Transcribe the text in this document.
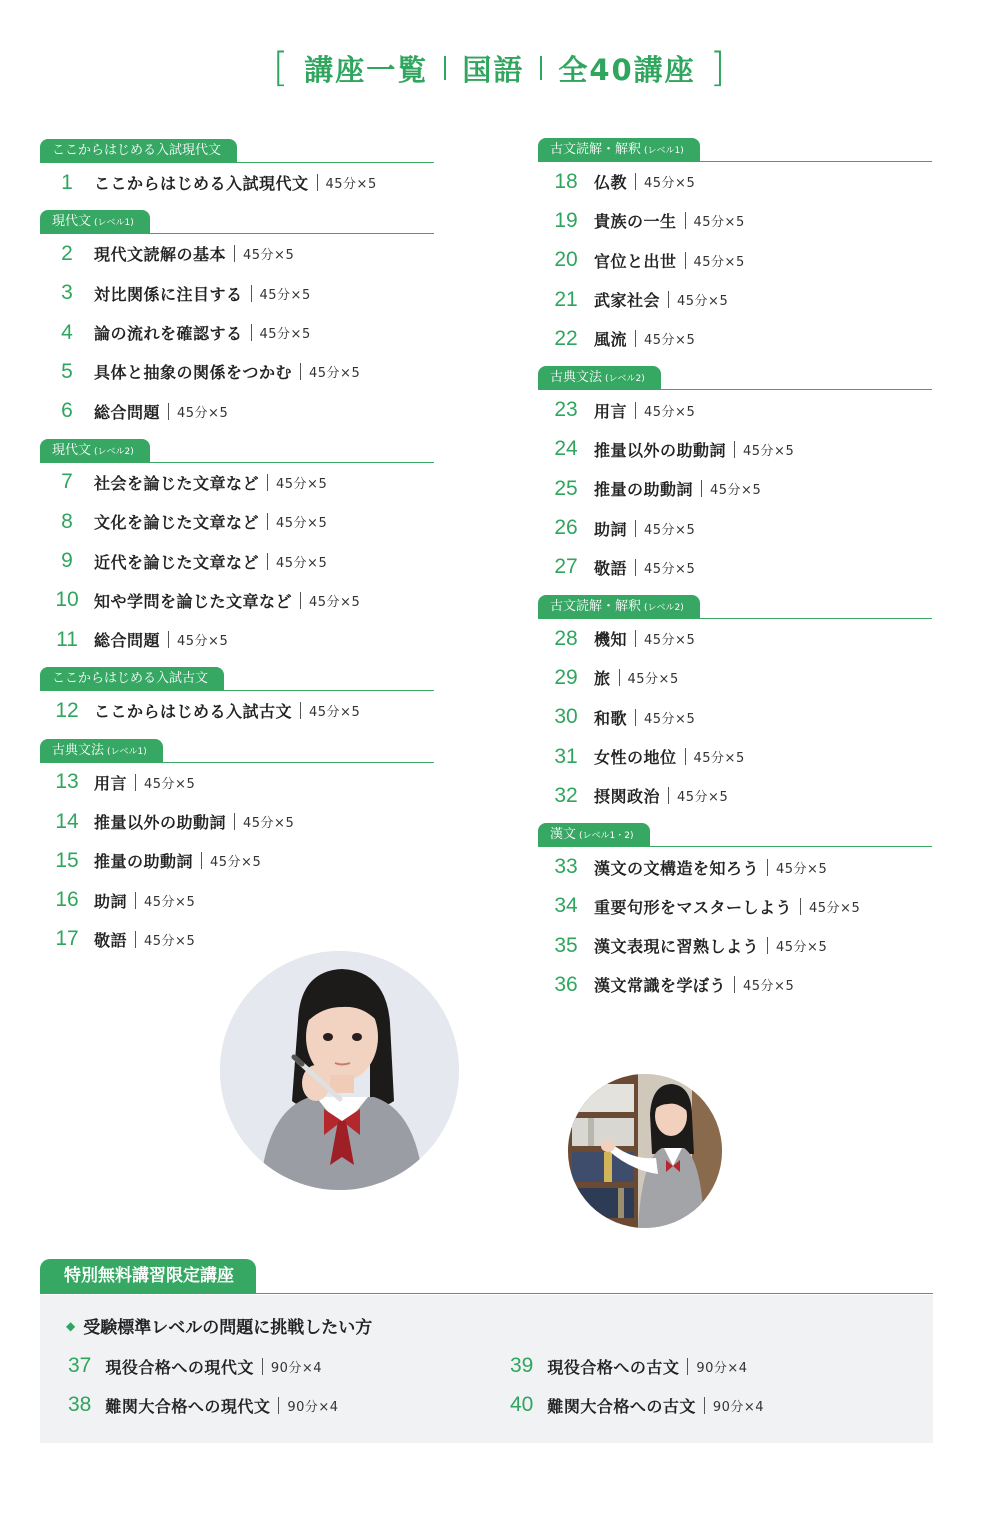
[ 講座一覧 国語 全40講座 ]
ここからはじめる入試現代文
1	ここからはじめる入試現代文 45分×5
現代文 (レベル1)
2	現代文読解の基本 45分×5
3	対比関係に注目する 45分×5
4	論の流れを確認する 45分×5
5	具体と抽象の関係をつかむ 45分×5
6	総合問題 45分×5
現代文 (レベル2)
7	社会を論じた文章など 45分×5
8	文化を論じた文章など 45分×5
9	近代を論じた文章など 45分×5
10 知や学問を論じた文章など 45分×5
11	総合問題 45分×5
ここからはじめる入試古文
12 ここからはじめる入試古文 45分×5
古典文法 (レベル1)
13 用言 45分×5
14 推量以外の助動詞 45分×5
15 推量の助動詞 45分×5
16 助詞 45分×5
17 敬語 45分×5
古文読解・解釈 (レベル1)
18	仏教 45分×5
19	貴族の一生 45分×5
20	官位と出世 45分×5
21	武家社会 45分×5
22	風流 45分×5
古典文法 (レベル2)
23	用言 45分×5
24	推量以外の助動詞 45分×5
25	推量の助動詞 45分×5
26	助詞 45分×5
27	敬語 45分×5
古文読解・解釈 (レベル2)
28	機知 45分×5
29	旅 45分×5
30	和歌 45分×5
31	女性の地位 45分×5
32	摂関政治 45分×5
漢文 (レベル1・2)
33	漢文の文構造を知ろう 45分×5
34	重要句形をマスターしよう 45分×5
35	漢文表現に習熟しよう 45分×5
36	漢文常識を学ぼう 45分×5
特別無料講習限定講座
◆ 受験標準レベルの問題に挑戦したい方
37 現役合格への現代文 90分×4
38 難関大合格への現代文 90分×4
39 現役合格への古文 90分×4
40 難関大合格への古文 90分×4
